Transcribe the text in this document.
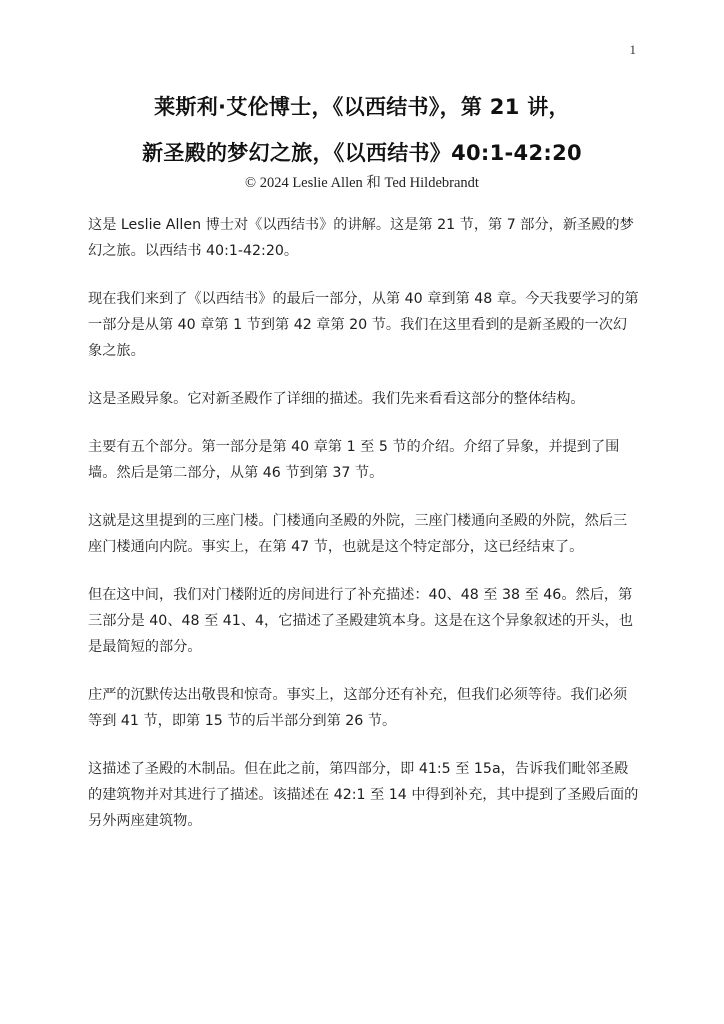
1
莱斯利·艾伦博士，《以西结书》，第 21 讲，
新圣殿的梦幻之旅，《以西结书》40:1-42:20
© 2024 Leslie Allen 和 Ted Hildebrandt

这是 Leslie Allen 博士对《以西结书》的讲解。这是第 21 节，第 7 部分，新圣殿的梦幻之旅。以西结书 40:1-42:20。

现在我们来到了《以西结书》的最后一部分，从第 40 章到第 48 章。今天我要学习的第一部分是从第 40 章第 1 节到第 42 章第 20 节。我们在这里看到的是新圣殿的一次幻象之旅。

这是圣殿异象。它对新圣殿作了详细的描述。我们先来看看这部分的整体结构。

主要有五个部分。第一部分是第 40 章第 1 至 5 节的介绍。介绍了异象，并提到了围墙。然后是第二部分，从第 46 节到第 37 节。

这就是这里提到的三座门楼。门楼通向圣殿的外院，三座门楼通向圣殿的外院，然后三座门楼通向内院。事实上，在第 47 节，也就是这个特定部分，这已经结束了。

但在这中间，我们对门楼附近的房间进行了补充描述：40、48 至 38 至 46。然后，第三部分是 40、48 至 41、4，它描述了圣殿建筑本身。这是在这个异象叙述的开头，也是最简短的部分。

庄严的沉默传达出敬畏和惊奇。事实上，这部分还有补充，但我们必须等待。我们必须等到 41 节，即第 15 节的后半部分到第 26 节。

这描述了圣殿的木制品。但在此之前，第四部分，即 41:5 至 15a，告诉我们毗邻圣殿的建筑物并对其进行了描述。该描述在 42:1 至 14 中得到补充，其中提到了圣殿后面的另外两座建筑物。
